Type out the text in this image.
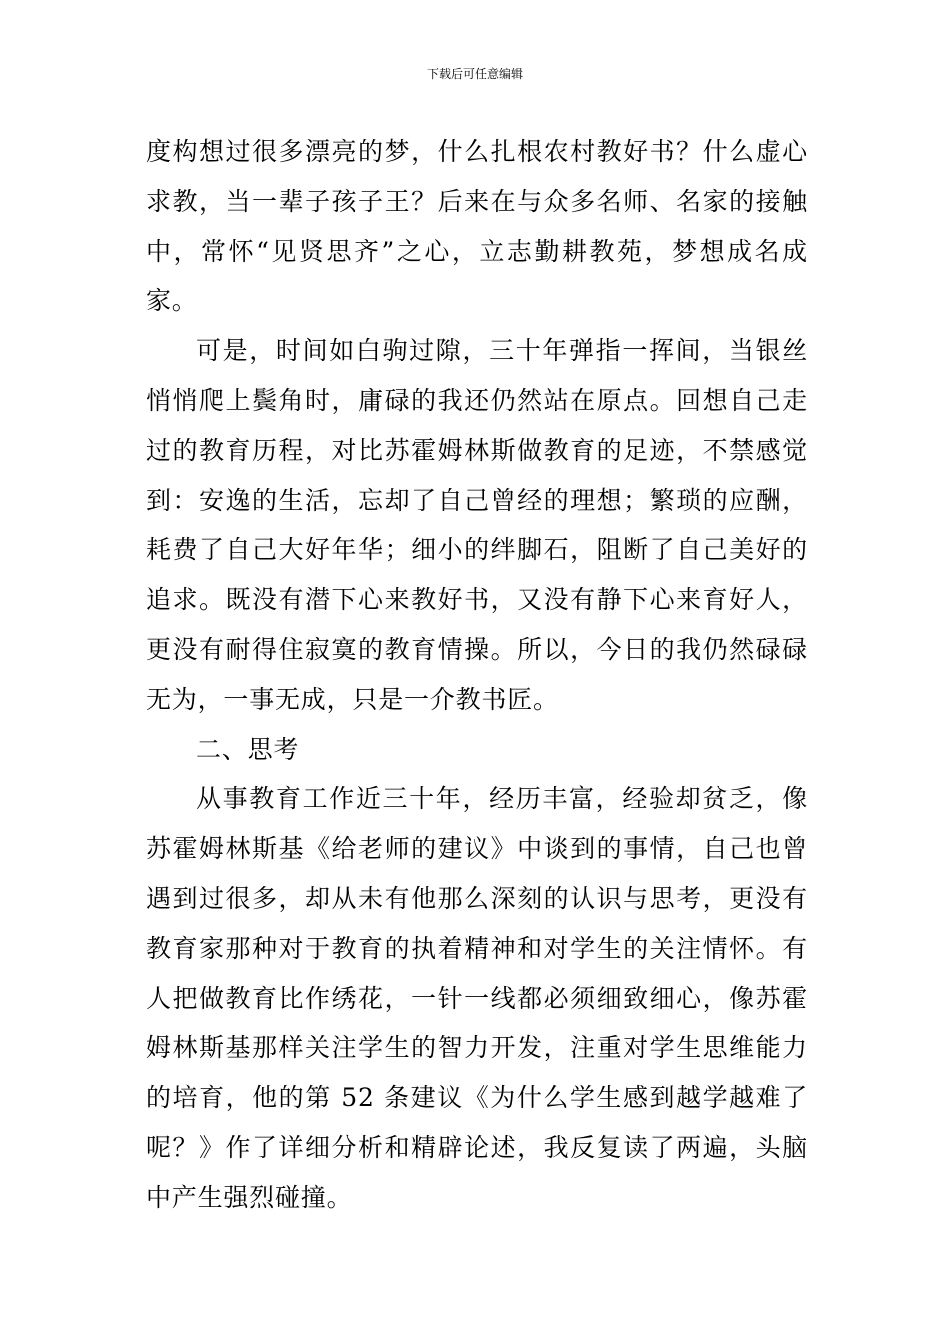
下载后可任意编辑

度构想过很多漂亮的梦，什么扎根农村教好书？什么虚心求教，当一辈子孩子王？后来在与众多名师、名家的接触中，常怀“见贤思齐”之心，立志勤耕教苑，梦想成名成家。

可是，时间如白驹过隙，三十年弹指一挥间，当银丝悄悄爬上鬓角时，庸碌的我还仍然站在原点。回想自己走过的教育历程，对比苏霍姆林斯做教育的足迹，不禁感觉到：安逸的生活，忘却了自己曾经的理想；繁琐的应酬，耗费了自己大好年华；细小的绊脚石，阻断了自己美好的追求。既没有潜下心来教好书，又没有静下心来育好人，更没有耐得住寂寞的教育情操。所以，今日的我仍然碌碌无为，一事无成，只是一介教书匠。

二、思考

从事教育工作近三十年，经历丰富，经验却贫乏，像苏霍姆林斯基《给老师的建议》中谈到的事情，自己也曾遇到过很多，却从未有他那么深刻的认识与思考，更没有教育家那种对于教育的执着精神和对学生的关注情怀。有人把做教育比作绣花，一针一线都必须细致细心，像苏霍姆林斯基那样关注学生的智力开发，注重对学生思维能力的培育，他的第 52 条建议《为什么学生感到越学越难了呢？》作了详细分析和精辟论述，我反复读了两遍，头脑中产生强烈碰撞。
